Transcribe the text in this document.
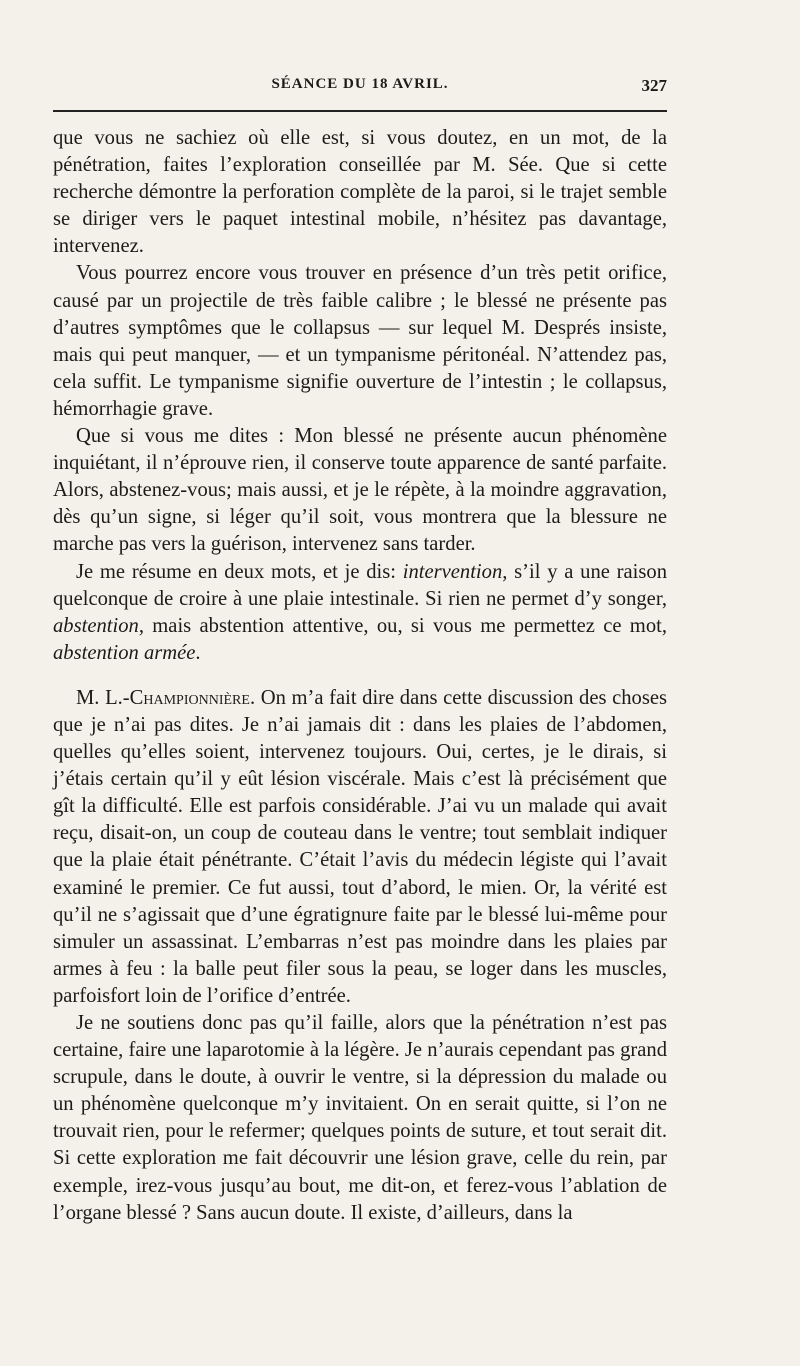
SÉANCE DU 18 AVRIL.	327

que vous ne sachiez où elle est, si vous doutez, en un mot, de la pénétration, faites l’exploration conseillée par M. Sée. Que si cette recherche démontre la perforation complète de la paroi, si le trajet semble se diriger vers le paquet intestinal mobile, n’hésitez pas davantage, intervenez.

Vous pourrez encore vous trouver en présence d’un très petit orifice, causé par un projectile de très faible calibre ; le blessé ne présente pas d’autres symptômes que le collapsus — sur lequel M. Després insiste, mais qui peut manquer, — et un tympanisme péritonéal. N’attendez pas, cela suffit. Le tympanisme signifie ouverture de l’intestin ; le collapsus, hémorrhagie grave.

Que si vous me dites : Mon blessé ne présente aucun phénomène inquiétant, il n’éprouve rien, il conserve toute apparence de santé parfaite. Alors, abstenez-vous; mais aussi, et je le répète, à la moindre aggravation, dès qu’un signe, si léger qu’il soit, vous montrera que la blessure ne marche pas vers la guérison, intervenez sans tarder.

Je me résume en deux mots, et je dis: intervention, s’il y a une raison quelconque de croire à une plaie intestinale. Si rien ne permet d’y songer, abstention, mais abstention attentive, ou, si vous me permettez ce mot, abstention armée.

M. L.-Championnière. On m’a fait dire dans cette discussion des choses que je n’ai pas dites. Je n’ai jamais dit : dans les plaies de l’abdomen, quelles qu’elles soient, intervenez toujours. Oui, certes, je le dirais, si j’étais certain qu’il y eût lésion viscérale. Mais c’est là précisément que gît la difficulté. Elle est parfois considérable. J’ai vu un malade qui avait reçu, disait-on, un coup de couteau dans le ventre; tout semblait indiquer que la plaie était pénétrante. C’était l’avis du médecin légiste qui l’avait examiné le premier. Ce fut aussi, tout d’abord, le mien. Or, la vérité est qu’il ne s’agissait que d’une égratignure faite par le blessé lui-même pour simuler un assassinat. L’embarras n’est pas moindre dans les plaies par armes à feu : la balle peut filer sous la peau, se loger dans les muscles, parfoisfort loin de l’orifice d’entrée.

Je ne soutiens donc pas qu’il faille, alors que la pénétration n’est pas certaine, faire une laparotomie à la légère. Je n’aurais cependant pas grand scrupule, dans le doute, à ouvrir le ventre, si la dépression du malade ou un phénomène quelconque m’y invitaient. On en serait quitte, si l’on ne trouvait rien, pour le refermer; quelques points de suture, et tout serait dit. Si cette exploration me fait découvrir une lésion grave, celle du rein, par exemple, irez-vous jusqu’au bout, me dit-on, et ferez-vous l’ablation de l’organe blessé ? Sans aucun doute. Il existe, d’ailleurs, dans la
